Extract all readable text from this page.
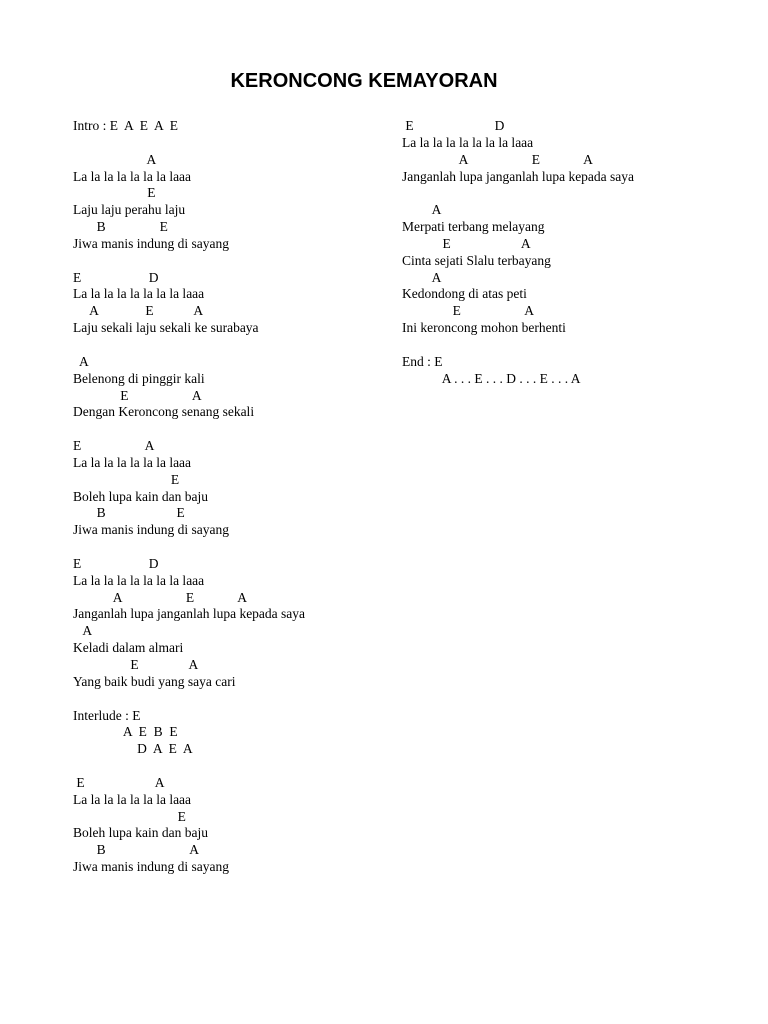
KERONCONG KEMAYORAN
Intro : E  A  E  A  E
A
La la la la la la la laaa
E
Laju laju perahu laju
B                E
Jiwa manis indung di sayang
E                    D
La la la la la la la la laaa
A              E            A
Laju sekali laju sekali ke surabaya
A
Belenong di pinggir kali
E                   A
Dengan Keroncong senang sekali
E                   A
La la la la la la la laaa
E
Boleh lupa kain dan baju
B                     E
Jiwa manis indung di sayang
E                    D
La la la la la la la la laaa
A                   E             A
Janganlah lupa janganlah lupa kepada saya
A
Keladi dalam almari
E               A
Yang baik budi yang saya cari
Interlude : E
A  E  B  E
D  A  E  A
E                     A
La la la la la la la laaa
E
Boleh lupa kain dan baju
B                         A
Jiwa manis indung di sayang
E                        D
La la la la la la la la laaa
A                   E             A
Janganlah lupa janganlah lupa kepada saya
A
Merpati terbang melayang
E                     A
Cinta sejati Slalu terbayang
A
Kedondong di atas peti
E                   A
Ini keroncong mohon berhenti
End : E
A . . . E . . . D . . . E . . . A
